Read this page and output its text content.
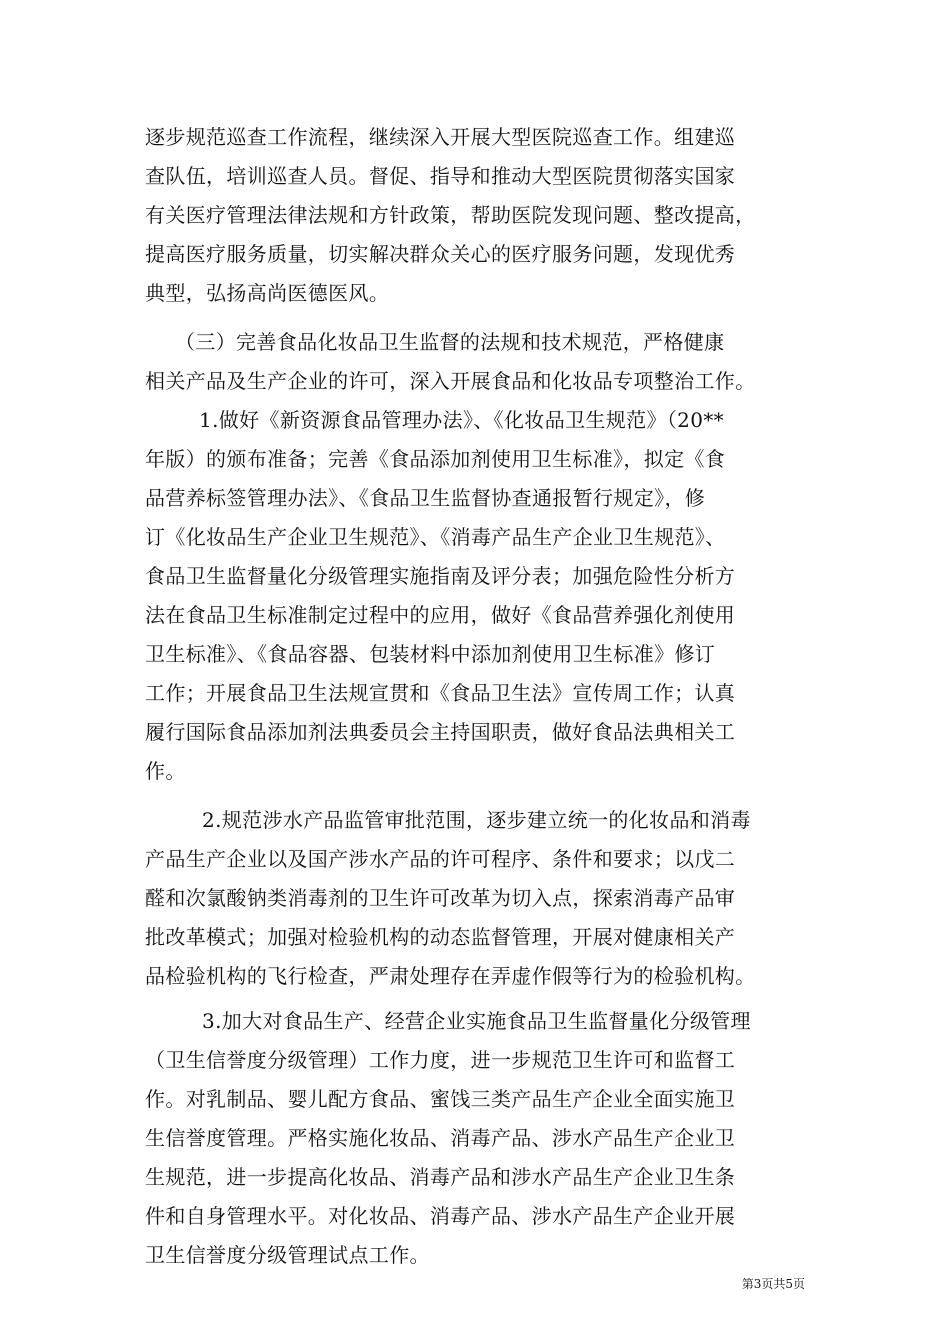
逐步规范巡查工作流程，继续深入开展大型医院巡查工作。组建巡
查队伍，培训巡查人员。督促、指导和推动大型医院贯彻落实国家
有关医疗管理法律法规和方针政策，帮助医院发现问题、整改提高，
提高医疗服务质量，切实解决群众关心的医疗服务问题，发现优秀
典型，弘扬高尚医德医风。
（三）完善食品化妆品卫生监督的法规和技术规范，严格健康
相关产品及生产企业的许可，深入开展食品和化妆品专项整治工作。
1.做好《新资源食品管理办法》、《化妆品卫生规范》（20**
年版）的颁布准备；完善《食品添加剂使用卫生标准》，拟定《食
品营养标签管理办法》、《食品卫生监督协查通报暂行规定》，修
订《化妆品生产企业卫生规范》、《消毒产品生产企业卫生规范》、
食品卫生监督量化分级管理实施指南及评分表；加强危险性分析方
法在食品卫生标准制定过程中的应用，做好《食品营养强化剂使用
卫生标准》、《食品容器、包装材料中添加剂使用卫生标准》修订
工作；开展食品卫生法规宣贯和《食品卫生法》宣传周工作；认真
履行国际食品添加剂法典委员会主持国职责，做好食品法典相关工
作。
2.规范涉水产品监管审批范围，逐步建立统一的化妆品和消毒
产品生产企业以及国产涉水产品的许可程序、条件和要求；以戊二
醛和次氯酸钠类消毒剂的卫生许可改革为切入点，探索消毒产品审
批改革模式；加强对检验机构的动态监督管理，开展对健康相关产
品检验机构的飞行检查，严肃处理存在弄虚作假等行为的检验机构。
3.加大对食品生产、经营企业实施食品卫生监督量化分级管理
（卫生信誉度分级管理）工作力度，进一步规范卫生许可和监督工
作。对乳制品、婴儿配方食品、蜜饯三类产品生产企业全面实施卫
生信誉度管理。严格实施化妆品、消毒产品、涉水产品生产企业卫
生规范，进一步提高化妆品、消毒产品和涉水产品生产企业卫生条
件和自身管理水平。对化妆品、消毒产品、涉水产品生产企业开展
卫生信誉度分级管理试点工作。
第3页共5页
